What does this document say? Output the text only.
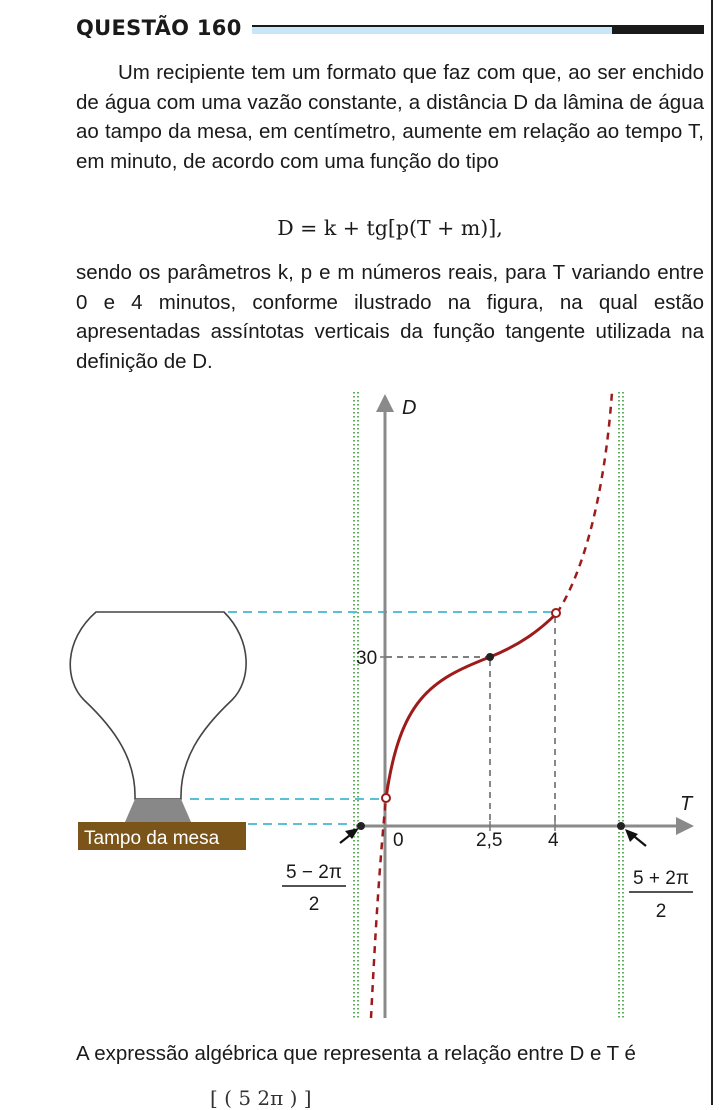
QUESTÃO 160
Um recipiente tem um formato que faz com que, ao ser enchido de água com uma vazão constante, a distância D da lâmina de água ao tampo da mesa, em centímetro, aumente em relação ao tempo T, em minuto, de acordo com uma função do tipo
D = k + tg[p(T + m)],
sendo os parâmetros k, p e m números reais, para T variando entre 0 e 4 minutos, conforme ilustrado na figura, na qual estão apresentadas assíntotas verticais da função tangente utilizada na definição de D.
D
T
30
0	2,5 4
5 − 2π
2
5 + 2π
2
Tampo da mesa
A expressão algébrica que representa a relação entre D e T é
[ ( 5 2π ) ]
